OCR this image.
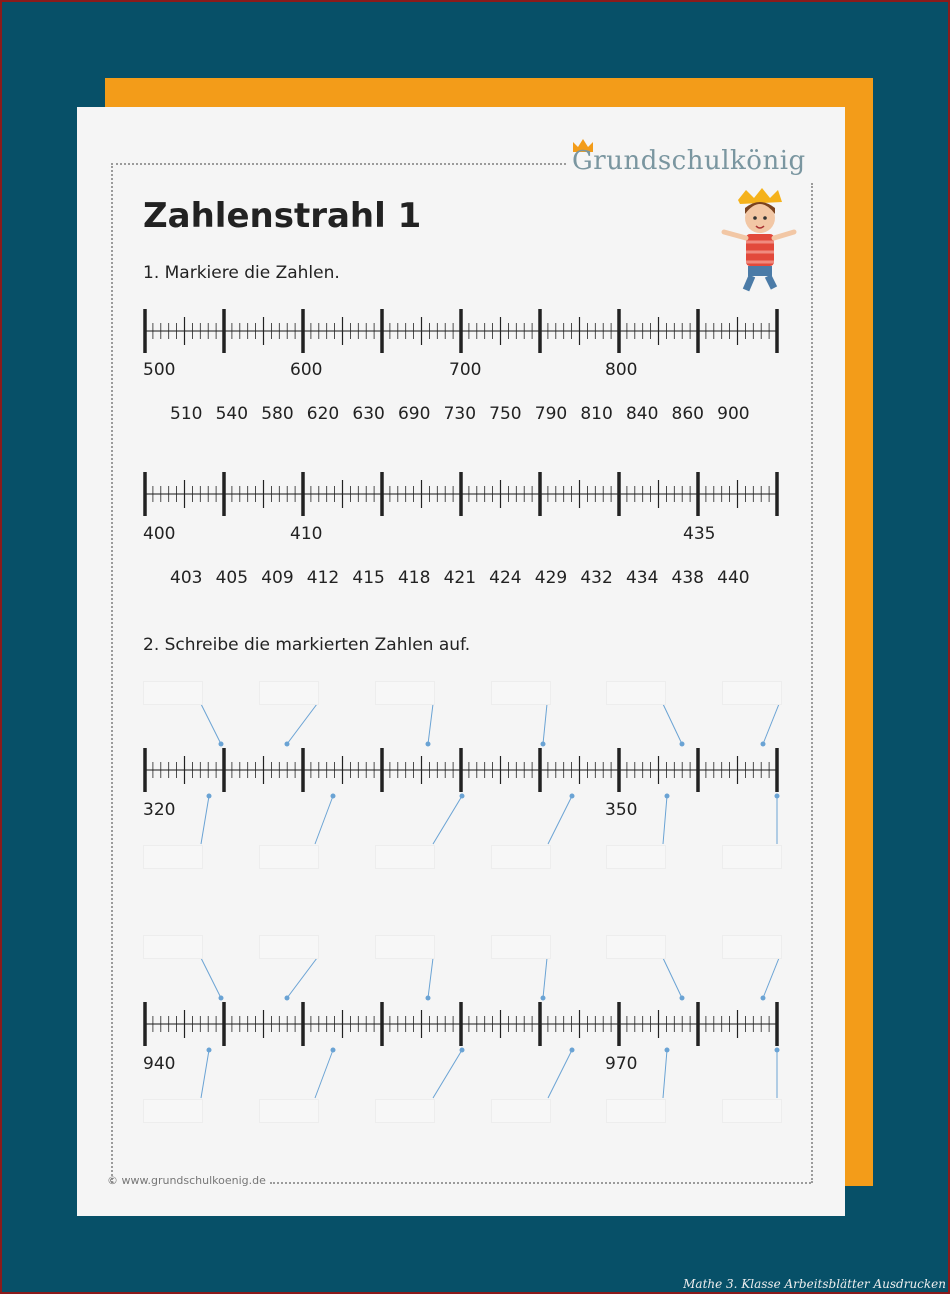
Grundschulkönig
Zahlenstrahl 1
1. Markiere die Zahlen.
2. Schreibe die markierten Zahlen auf.
500	600	700	800
510 540 580 620 630 690 730 750 790 810 840 860 900
400	410	435
403 405 409 412 415 418 421 424 429 432 434 438 440
320	350
940	970
© www.grundschulkoenig.de
Mathe 3. Klasse Arbeitsblätter Ausdrucken
